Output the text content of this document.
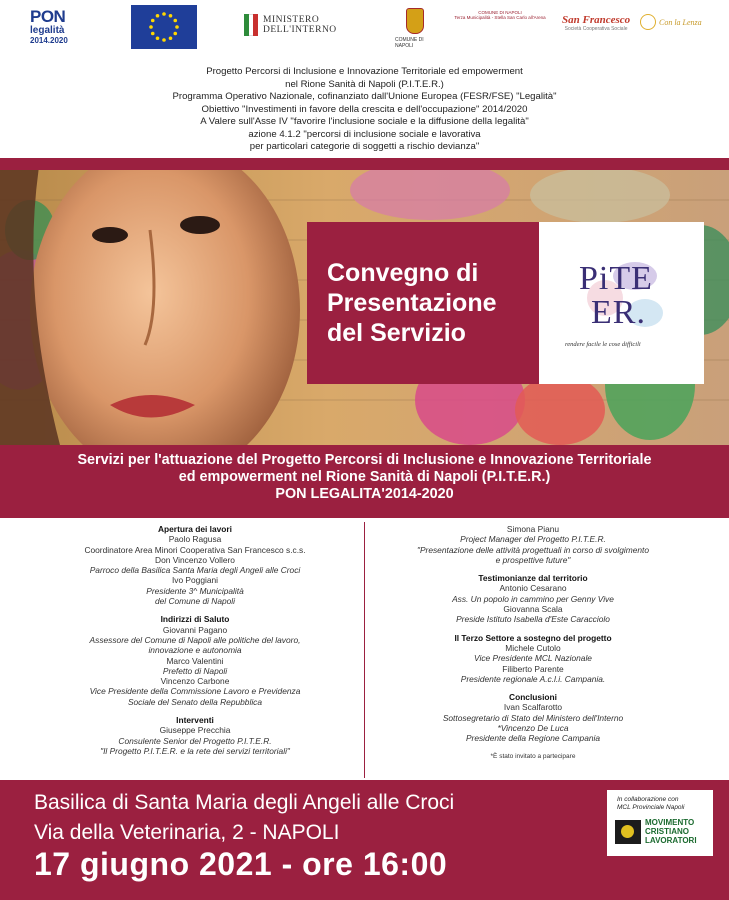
PON
legalità
2014.2020
MINISTERO
DELL'INTERNO
COMUNE DI NAPOLI
COMUNE DI NAPOLI
Terza Municipalità - Stella San Carlo all'Arena San Francesco
Società Cooperativa Sociale
Con la Lenza
Progetto Percorsi di Inclusione e Innovazione Territoriale ed empowerment
nel Rione Sanità di Napoli (P.I.T.E.R.)
Programma Operativo Nazionale, cofinanziato dall'Unione Europea (FESR/FSE) "Legalità"
Obiettivo "Investimenti in favore della crescita e dell'occupazione" 2014/2020
A Valere sull'Asse IV "favorire l'inclusione sociale e la diffusione della legalità"
azione 4.1.2 "percorsi di inclusione sociale e lavorativa
per particolari categorie di soggetti a rischio devianza"
Convegno di
Presentazione
del Servizio
PiTE
ER.
rendere facile le cose difficili
Servizi per l'attuazione del Progetto Percorsi di Inclusione e Innovazione Territoriale
ed empowerment nel Rione Sanità di Napoli (P.I.T.E.R.)
PON LEGALITA'2014-2020
Apertura dei lavori
Paolo Ragusa
Coordinatore Area Minori Cooperativa San Francesco s.c.s.
Don Vincenzo Vollero
Parroco della Basilica Santa Maria degli Angeli alle Croci
Ivo Poggiani
Presidente 3^ Municipalità
del Comune di Napoli
Indirizzi di Saluto
Giovanni Pagano
Assessore del Comune di Napoli alle politiche del lavoro,
innovazione e autonomia
Marco Valentini
Prefetto di Napoli
Vincenzo Carbone
Vice Presidente della Commissione Lavoro e Previdenza
Sociale del Senato della Repubblica
Interventi
Giuseppe Precchia
Consulente Senior del Progetto P.I.T.E.R.
"Il Progetto P.I.T.E.R. e la rete dei servizi territoriali"
Simona Pianu
Project Manager del Progetto P.I.T.E.R.
"Presentazione delle attività progettuali in corso di svolgimento
e prospettive future"
Testimonianze dal territorio
Antonio Cesarano
Ass. Un popolo in cammino per Genny Vive
Giovanna Scala
Preside Istituto Isabella d'Este Caracciolo
Il Terzo Settore a sostegno del progetto
Michele Cutolo
Vice Presidente MCL Nazionale
Filiberto Parente
Presidente regionale A.c.l.i. Campania.
Conclusioni
Ivan Scalfarotto
Sottosegretario di Stato del Ministero dell'Interno
*Vincenzo De Luca
Presidente della Regione Campania
*È stato invitato a partecipare
Basilica di Santa Maria degli Angeli alle Croci
Via della Veterinaria, 2 - NAPOLI
17 giugno 2021 - ore 16:00
In collaborazione con
MCL Provinciale Napoli
MOVIMENTO
CRISTIANO
LAVORATORI
